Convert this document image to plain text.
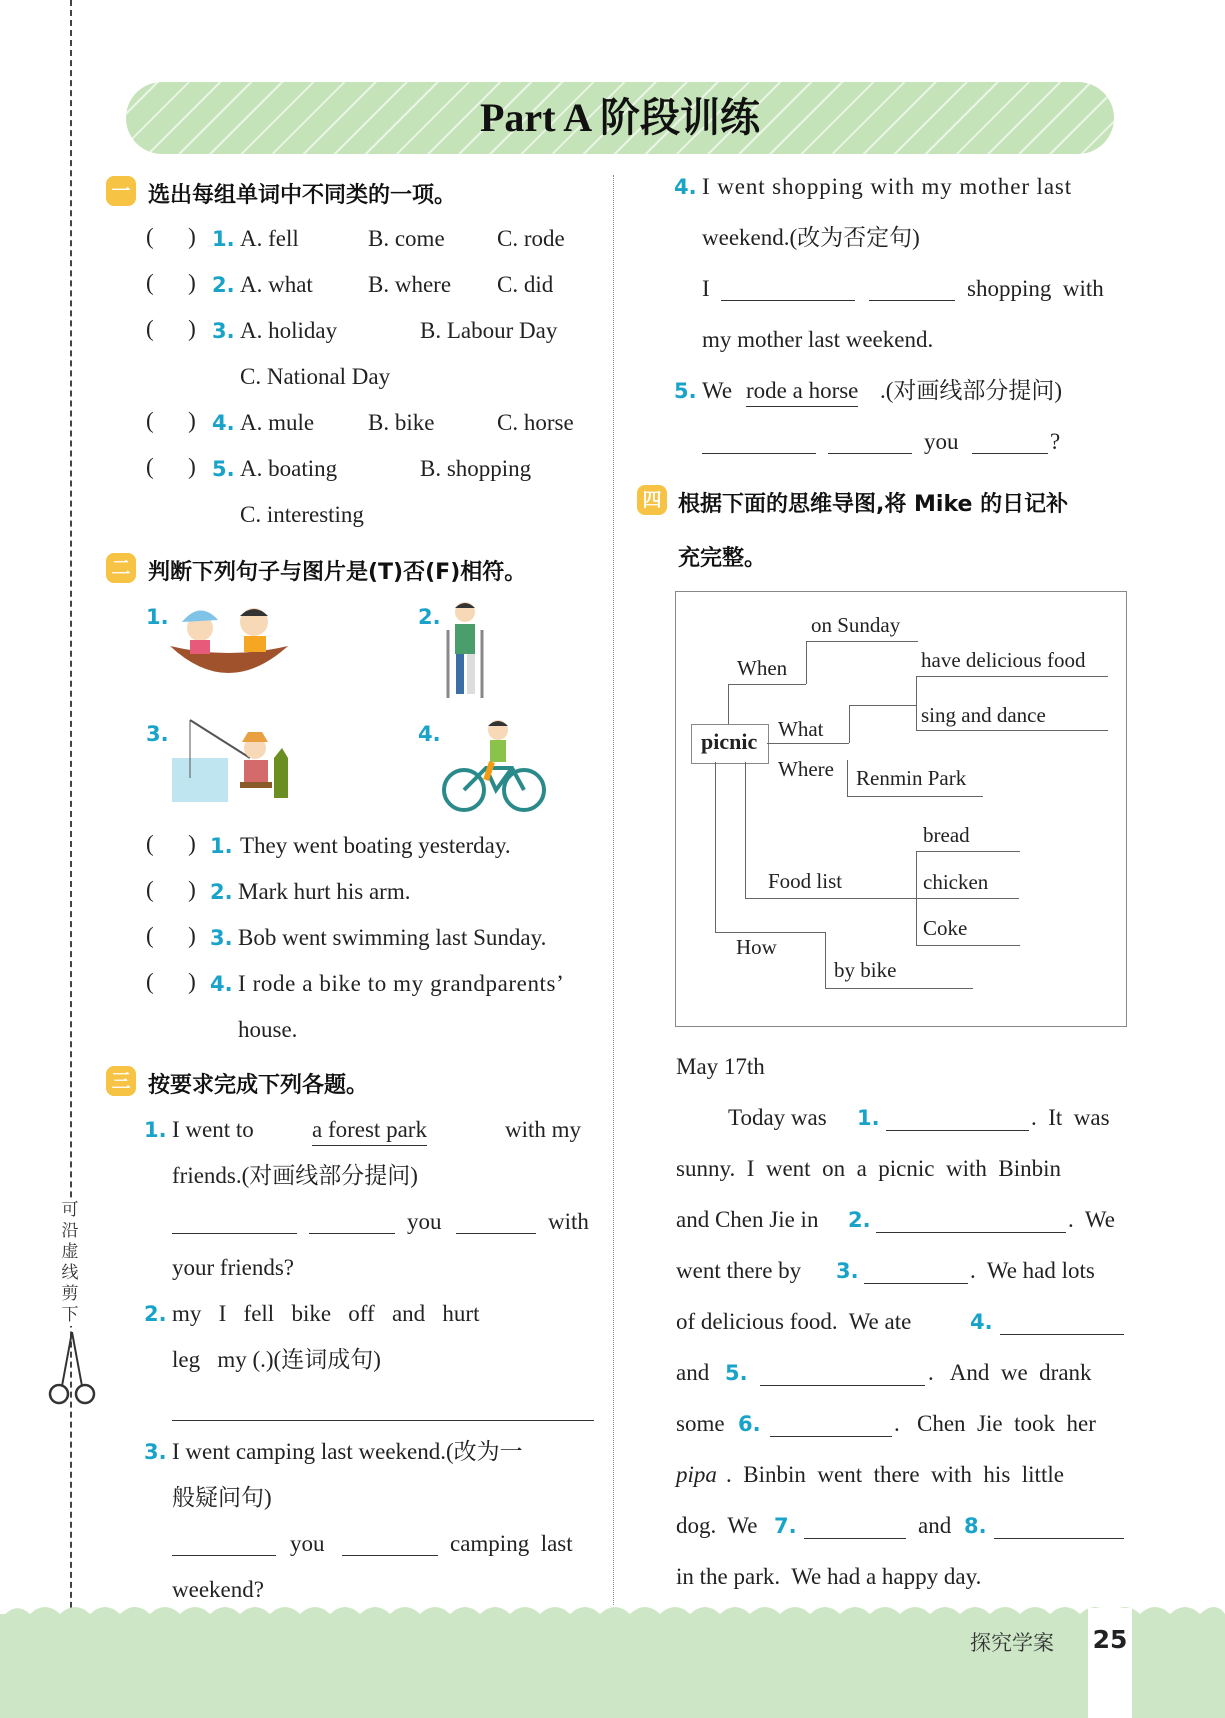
可沿虚线剪下
Part A 阶段训练
一 选出每组单词中不同类的一项。
(      ) 1. A. fell	B. come C. rode
(      ) 2. A. what B. where C. did
(      ) 3. A. holiday	B. Labour Day
C. National Day
(      ) 4. A. mule B. bike	C. horse
(      ) 5. A. boating	B. shopping
C. interesting
二 判断下列句子与图片是(T)否(F)相符。
1.	2.
3.	4.
(      ) 1. They went boating yesterday.
(      ) 2. Mark hurt his arm.
(      ) 3. Bob went swimming last Sunday.
(      ) 4. I rode a bike to my grandparents’
house.
三 按要求完成下列各题。
1. I went to	a forest park	with my
friends.(对画线部分提问)
you	with
your friends?
2. my   I   fell   bike   off   and   hurt
leg   my (.)(连词成句)
3. I went camping last weekend.(改为一
般疑问句)
you	camping  last
weekend?
4. I went shopping with my mother last
weekend.(改为否定句)
I	shopping  with
my mother last weekend.
5. We rode a horse .(对画线部分提问)
you	?
四 根据下面的思维导图,将 Mike 的日记补
充完整。
picnic
on Sunday
When	have delicious food
sing and dance
What
Renmin Park
Where
Food list
bread
chicken
Coke
How
by bike
May 17th
Today was 1.	.  It  was
sunny.  I  went  on  a  picnic  with  Binbin
and Chen Jie in 2.	.  We
went there by 3.	.  We had lots
of delicious food.  We ate	4.
and 5.	.   And  we  drank
some 6.	.   Chen  Jie  took  her
pipa .  Binbin  went  there  with  his  little
dog.  We 7.	and 8.
in the park.  We had a happy day.
探究学案 25
